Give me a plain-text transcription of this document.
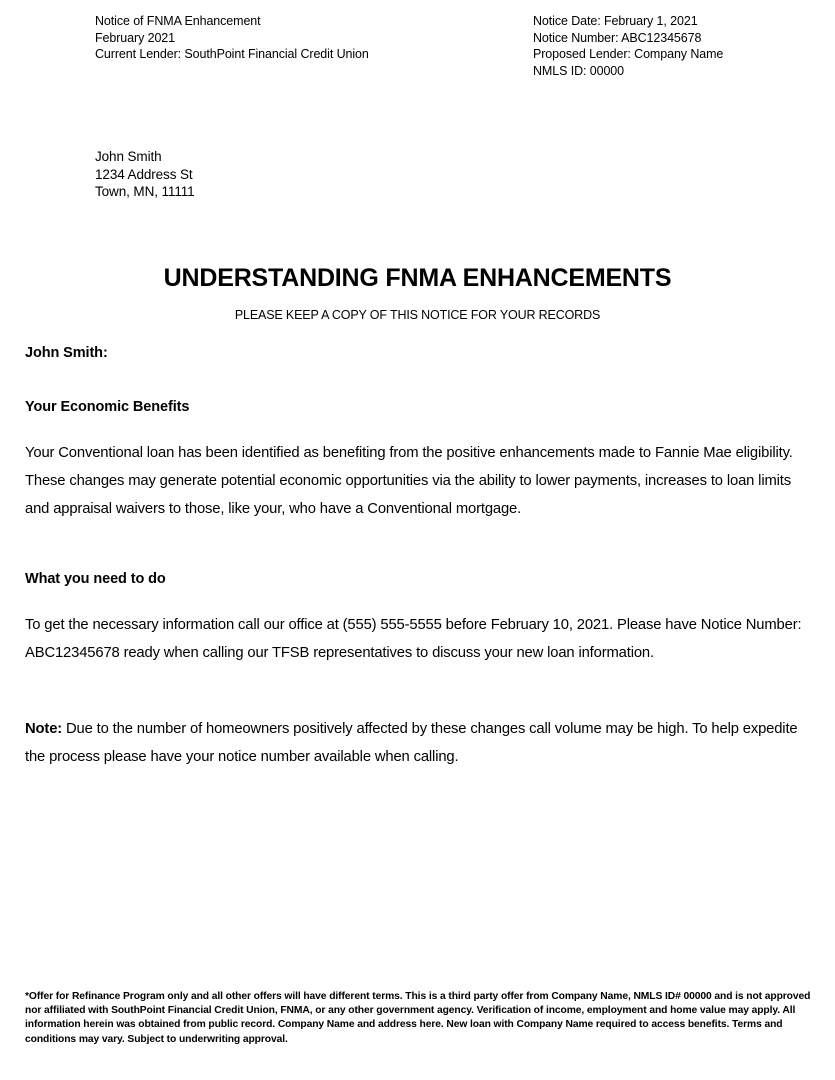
Notice of FNMA Enhancement
February 2021
Current Lender: SouthPoint Financial Credit Union
Notice Date: February 1, 2021
Notice Number: ABC12345678
Proposed Lender: Company Name
NMLS ID: 00000
John Smith
1234 Address St
Town, MN, 11111
UNDERSTANDING FNMA ENHANCEMENTS
PLEASE KEEP A COPY OF THIS NOTICE FOR YOUR RECORDS
John Smith:
Your Economic Benefits

Your Conventional loan has been identified as benefiting from the positive enhancements made to Fannie Mae eligibility. These changes may generate potential economic opportunities via the ability to lower payments, increases to loan limits and appraisal waivers to those, like your, who have a Conventional mortgage.

What you need to do

To get the necessary information call our office at (555) 555-5555 before February 10, 2021. Please have Notice Number: ABC12345678 ready when calling our TFSB representatives to discuss your new loan information.

Note: Due to the number of homeowners positively affected by these changes call volume may be high. To help expedite the process please have your notice number available when calling.

*Offer for Refinance Program only and all other offers will have different terms. This is a third party offer from Company Name, NMLS ID# 00000 and is not approved nor affiliated with SouthPoint Financial Credit Union, FNMA, or any other government agency. Verification of income, employment and home value may apply. All information herein was obtained from public record. Company Name and address here. New loan with Company Name required to access benefits. Terms and conditions may vary. Subject to underwriting approval.
